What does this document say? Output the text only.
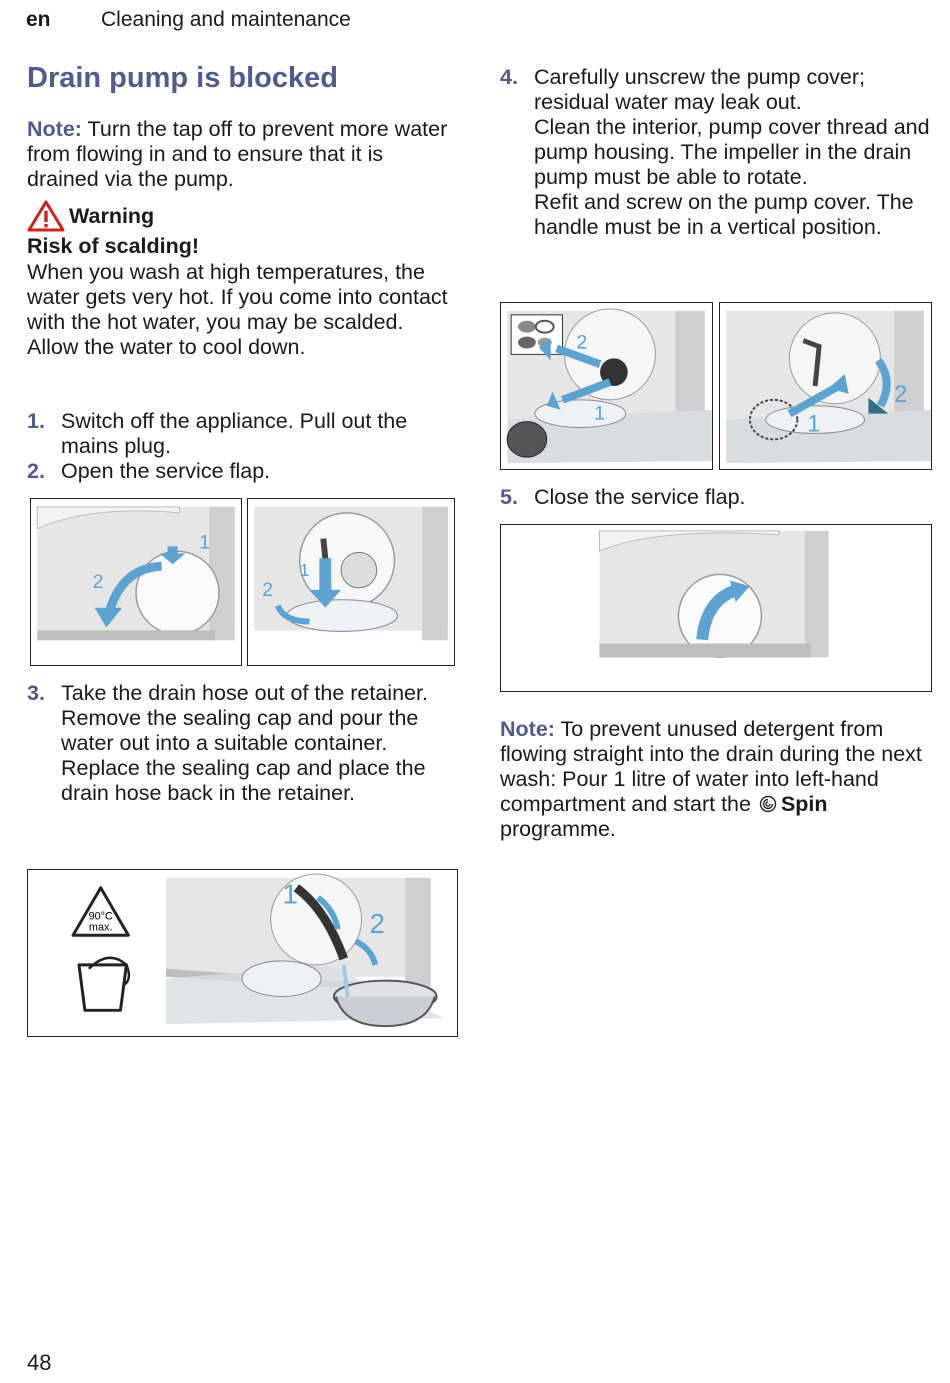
en Cleaning and maintenance
Drain pump is blocked
Note: Turn the tap off to prevent more water from flowing in and to ensure that it is drained via the pump.
Warning
Risk of scalding!
When you wash at high temperatures, the water gets very hot. If you come into contact with the hot water, you may be scalded.
Allow the water to cool down.
1. Switch off the appliance. Pull out the mains plug.
2. Open the service flap.
1
2
1
2
3. Take the drain hose out of the retainer.
Remove the sealing cap and pour the water out into a suitable container.
Replace the sealing cap and place the drain hose back in the retainer.
90°C
max.
1
2
4. Carefully unscrew the pump cover; residual water may leak out.
Clean the interior, pump cover thread and pump housing. The impeller in the drain pump must be able to rotate.
Refit and screw on the pump cover. The handle must be in a vertical position.
2
1	1
2
5. Close the service flap.
Note: To prevent unused detergent from flowing straight into the drain during the next wash: Pour 1 litre of water into left-hand compartment and start the Spin programme.
48
